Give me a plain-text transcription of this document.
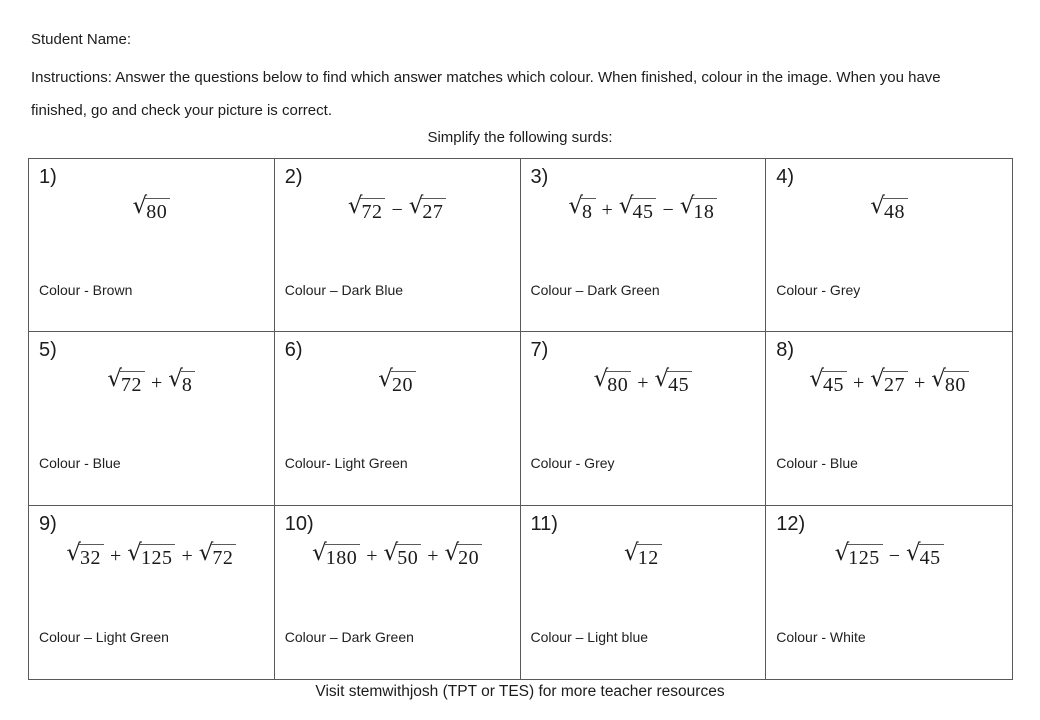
Student Name:
Instructions: Answer the questions below to find which answer matches which colour. When finished, colour in the image. When you have finished, go and check your picture is correct.
Simplify the following surds:
1)
√ 80
Colour - Brown
2)
√ 72 − √ 27
Colour – Dark Blue
3)
√ 8 + √ 45 − √ 18
Colour – Dark Green
4)
√ 48
Colour - Grey
5)
√ 72 + √ 8
Colour - Blue
6)
√ 20
Colour- Light Green
7)
√ 80 + √ 45
Colour - Grey
8)
√ 45 + √ 27 + √ 80
Colour - Blue
9)
√ 32 + √ 125 + √ 72
Colour – Light Green
10)
√ 180 + √ 50 + √ 20
Colour – Dark Green
11)
√ 12
Colour – Light blue
12)
√ 125 − √ 45
Colour - White
Visit stemwithjosh (TPT or TES) for more teacher resources
